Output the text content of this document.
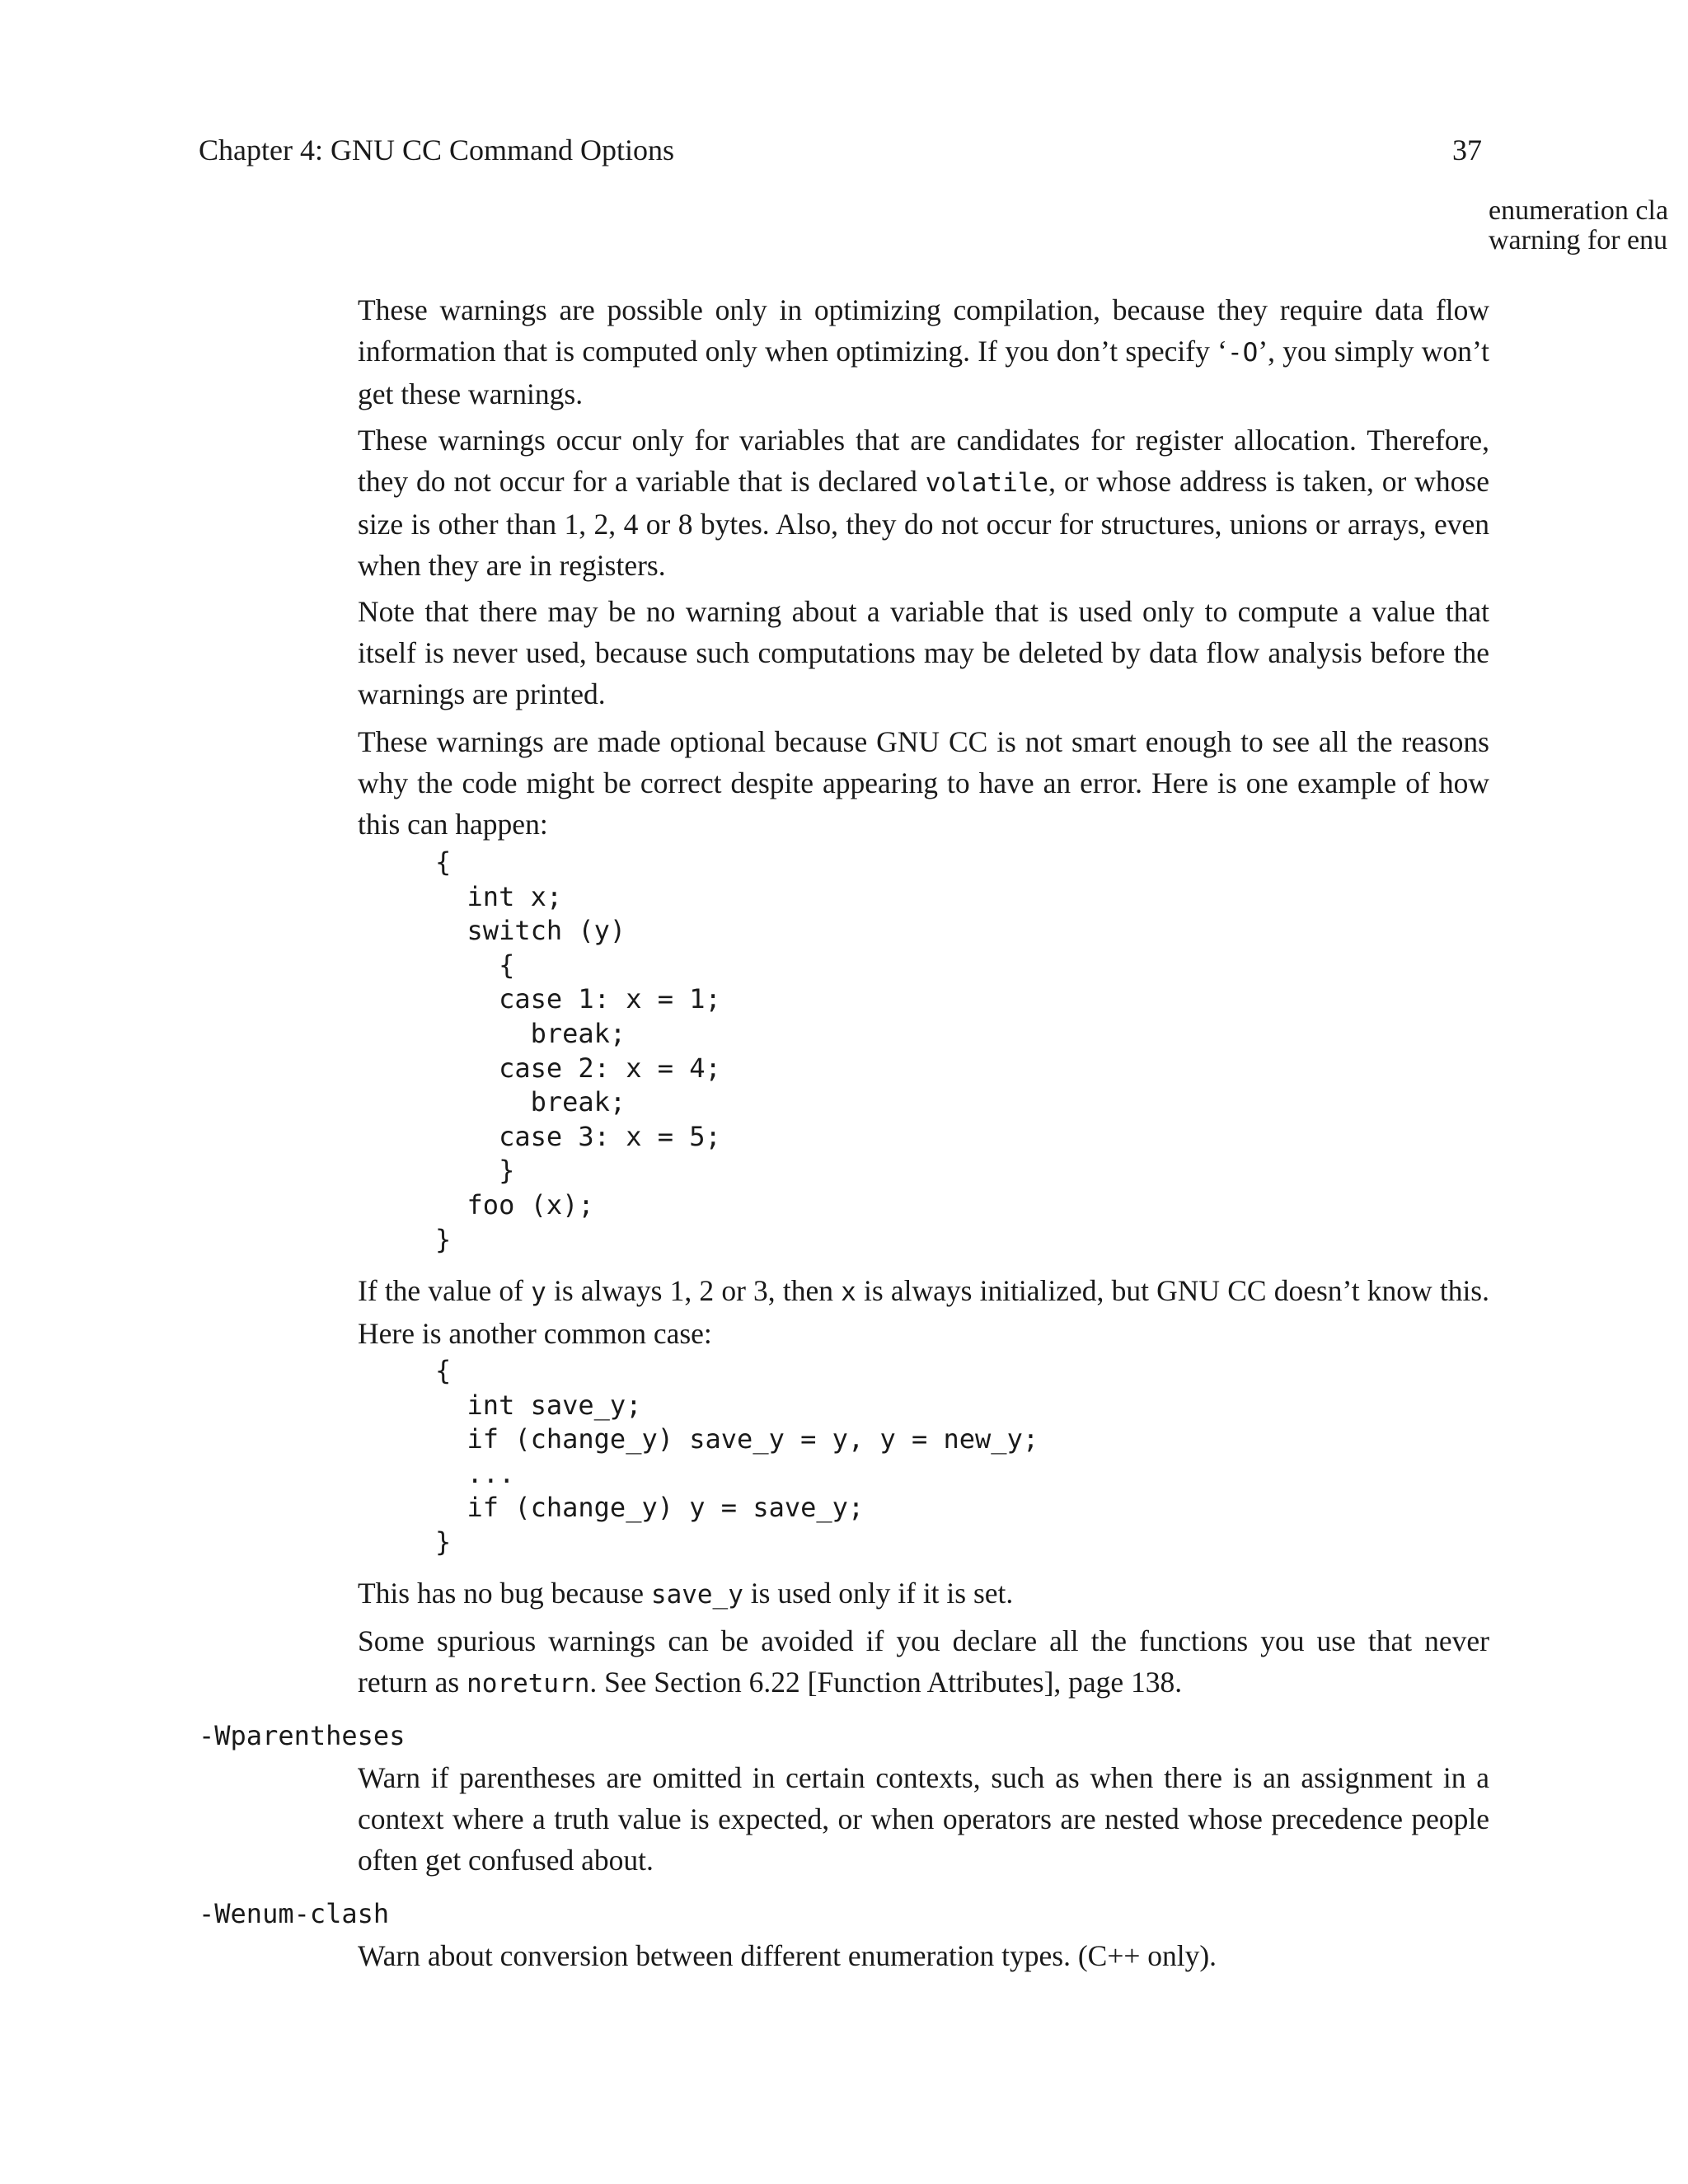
Chapter 4: GNU CC Command Options	37
enumeration cla
warning for enu

These warnings are possible only in optimizing compilation, because they require data flow information that is computed only when optimizing. If you don’t specify ‘-O’, you simply won’t get these warnings.

These warnings occur only for variables that are candidates for register allocation. Therefore, they do not occur for a variable that is declared volatile, or whose address is taken, or whose size is other than 1, 2, 4 or 8 bytes. Also, they do not occur for structures, unions or arrays, even when they are in registers.

Note that there may be no warning about a variable that is used only to compute a value that itself is never used, because such computations may be deleted by data flow analysis before the warnings are printed.

These warnings are made optional because GNU CC is not smart enough to see all the reasons why the code might be correct despite appearing to have an error. Here is one example of how this can happen:

{
int x;
switch (y)
{
case 1: x = 1;
break;
case 2: x = 4;
break;
case 3: x = 5;
}
foo (x);
}

If the value of y is always 1, 2 or 3, then x is always initialized, but GNU CC doesn’t know this. Here is another common case:

{
int save_y;
if (change_y) save_y = y, y = new_y;
...
if (change_y) y = save_y;
}

This has no bug because save_y is used only if it is set.

Some spurious warnings can be avoided if you declare all the functions you use that never return as noreturn. See Section 6.22 [Function Attributes], page 138.

-Wparentheses

Warn if parentheses are omitted in certain contexts, such as when there is an assignment in a context where a truth value is expected, or when operators are nested whose precedence people often get confused about.

-Wenum-clash

Warn about conversion between different enumeration types. (C++ only).
